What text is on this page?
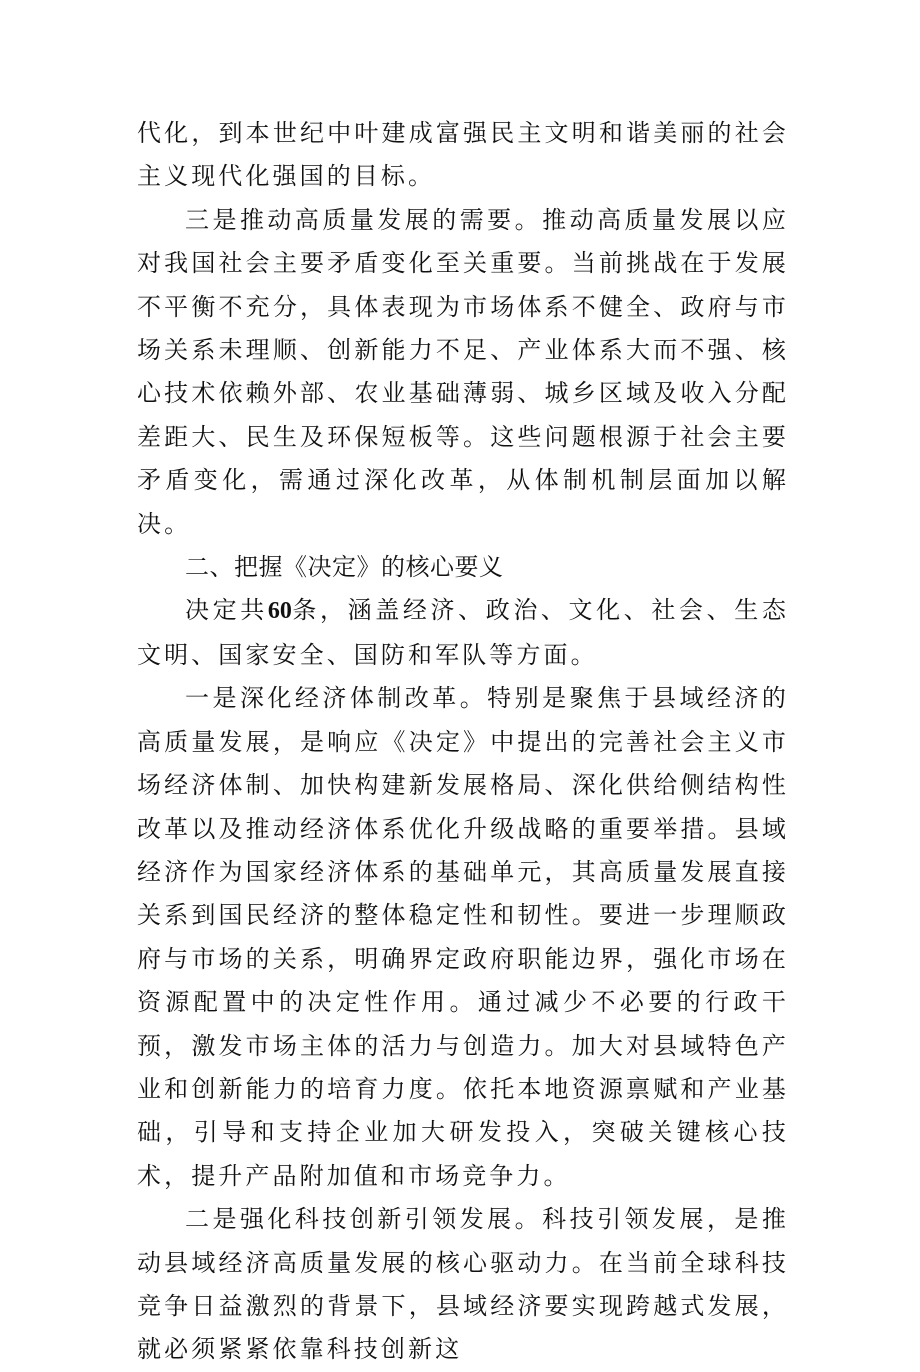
代化，到本世纪中叶建成富强民主文明和谐美丽的社会主义现代化强国的目标。

三是推动高质量发展的需要。推动高质量发展以应对我国社会主要矛盾变化至关重要。当前挑战在于发展不平衡不充分，具体表现为市场体系不健全、政府与市场关系未理顺、创新能力不足、产业体系大而不强、核心技术依赖外部、农业基础薄弱、城乡区域及收入分配差距大、民生及环保短板等。这些问题根源于社会主要矛盾变化，需通过深化改革，从体制机制层面加以解决。

二、把握《决定》的核心要义

决定共60条，涵盖经济、政治、文化、社会、生态文明、国家安全、国防和军队等方面。

一是深化经济体制改革。特别是聚焦于县域经济的高质量发展，是响应《决定》中提出的完善社会主义市场经济体制、加快构建新发展格局、深化供给侧结构性改革以及推动经济体系优化升级战略的重要举措。县域经济作为国家经济体系的基础单元，其高质量发展直接关系到国民经济的整体稳定性和韧性。要进一步理顺政府与市场的关系，明确界定政府职能边界，强化市场在资源配置中的决定性作用。通过减少不必要的行政干预，激发市场主体的活力与创造力。加大对县域特色产业和创新能力的培育力度。依托本地资源禀赋和产业基础，引导和支持企业加大研发投入，突破关键核心技术，提升产品附加值和市场竞争力。

二是强化科技创新引领发展。科技引领发展，是推动县域经济高质量发展的核心驱动力。在当前全球科技竞争日益激烈的背景下，县域经济要实现跨越式发展，就必须紧紧依靠科技创新这
